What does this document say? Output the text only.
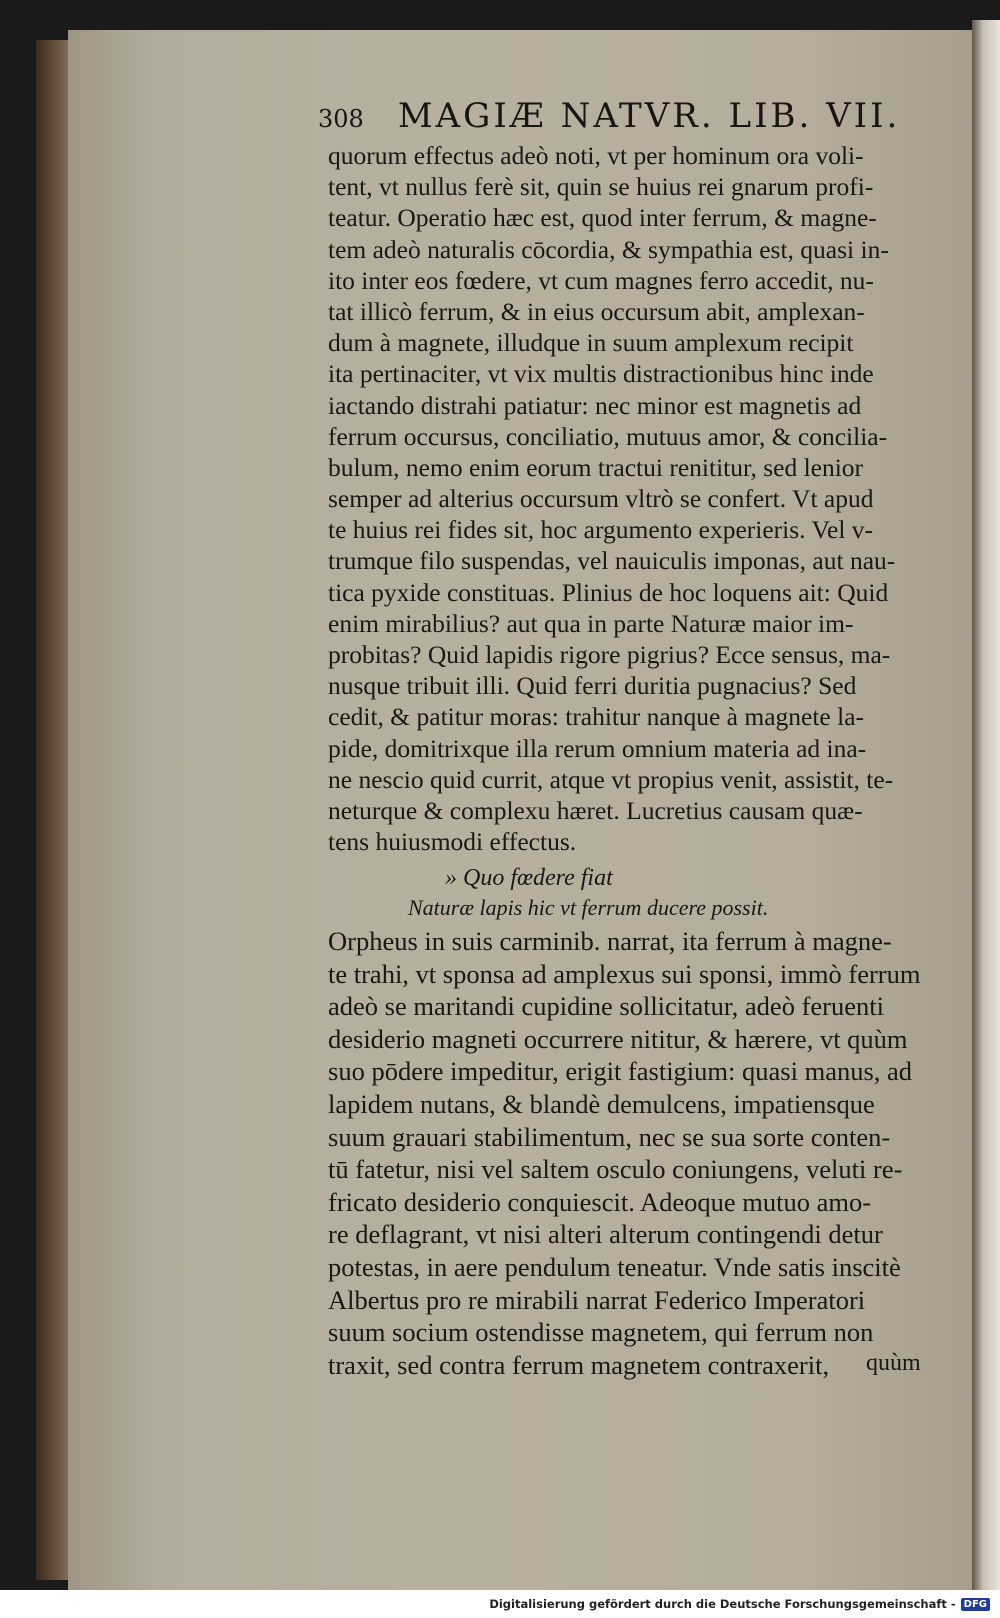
308 MAGIÆ NATVR. LIB. VII.
quorum effectus adeò noti, vt per hominum ora voli-
tent, vt nullus ferè sit, quin se huius rei gnarum profi-
teatur. Operatio hæc est, quod inter ferrum, & magne-
tem adeò naturalis cōcordia, & sympathia est, quasi in-
ito inter eos fœdere, vt cum magnes ferro accedit, nu-
tat illicò ferrum, & in eius occursum abit, amplexan-
dum à magnete, illudque in suum amplexum recipit
ita pertinaciter, vt vix multis distractionibus hinc inde
iactando distrahi patiatur: nec minor est magnetis ad
ferrum occursus, conciliatio, mutuus amor, & concilia-
bulum, nemo enim eorum tractui renititur, sed lenior
semper ad alterius occursum vltrò se confert. Vt apud
te huius rei fides sit, hoc argumento experieris. Vel v-
trumque filo suspendas, vel nauiculis imponas, aut nau-
tica pyxide constituas. Plinius de hoc loquens ait: Quid
enim mirabilius? aut qua in parte Naturæ maior im-
probitas? Quid lapidis rigore pigrius? Ecce sensus, ma-
nusque tribuit illi. Quid ferri duritia pugnacius? Sed
cedit, & patitur moras: trahitur nanque à magnete la-
pide, domitrixque illa rerum omnium materia ad ina-
ne nescio quid currit, atque vt propius venit, assistit, te-
neturque & complexu hæret. Lucretius causam quæ-
tens huiusmodi effectus.
» Quo fœdere fiat
Naturæ lapis hic vt ferrum ducere possit.
Orpheus in suis carminib. narrat, ita ferrum à magne-
te trahi, vt sponsa ad amplexus sui sponsi, immò ferrum
adeò se maritandi cupidine sollicitatur, adeò feruenti
desiderio magneti occurrere nititur, & hærere, vt quùm
suo pōdere impeditur, erigit fastigium: quasi manus, ad
lapidem nutans, & blandè demulcens, impatiensque
suum grauari stabilimentum, nec se sua sorte conten-
tū fatetur, nisi vel saltem osculo coniungens, veluti re-
fricato desiderio conquiescit. Adeoque mutuo amo-
re deflagrant, vt nisi alteri alterum contingendi detur
potestas, in aere pendulum teneatur. Vnde satis inscitè
Albertus pro re mirabili narrat Federico Imperatori
suum socium ostendisse magnetem, qui ferrum non
traxit, sed contra ferrum magnetem contraxerit,	quùm
Digitalisierung gefördert durch die Deutsche Forschungsgemeinschaft - DFG
